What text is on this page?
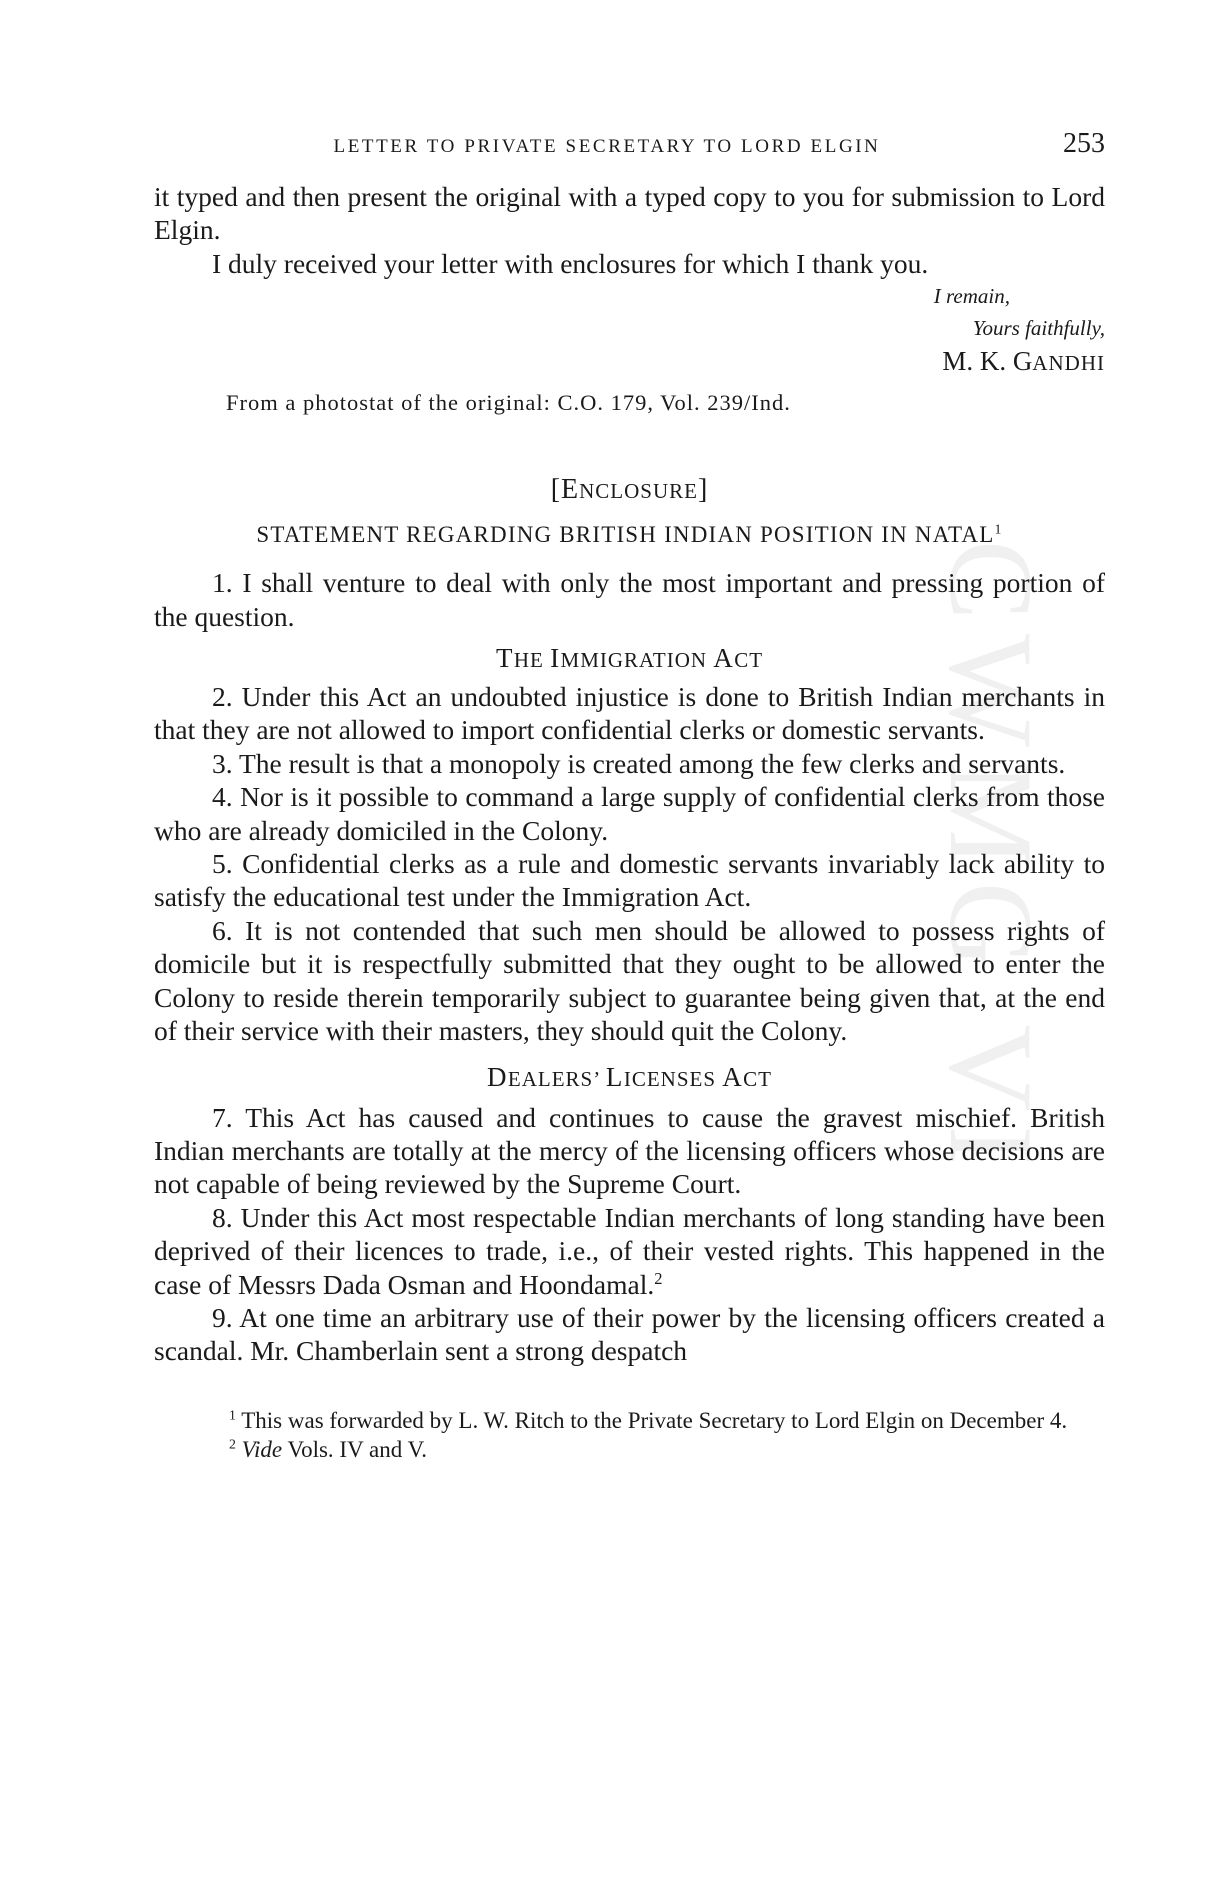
CWMG VI
LETTER TO PRIVATE SECRETARY TO LORD ELGIN	253

it typed and then present the original with a typed copy to you for submission to Lord Elgin.

I duly received your letter with enclosures for which I thank you.

I remain,
Yours faithfully,
M. K. GANDHI
From a photostat of the original: C.O. 179, Vol. 239/Ind.
[ENCLOSURE]
STATEMENT REGARDING BRITISH INDIAN POSITION IN NATAL$^1$

1. I shall venture to deal with only the most important and pressing portion of the question.

THE IMMIGRATION ACT

2. Under this Act an undoubted injustice is done to British Indian merchants in that they are not allowed to import confidential clerks or domestic servants.

3. The result is that a monopoly is created among the few clerks and servants.

4. Nor is it possible to command a large supply of confidential clerks from those who are already domiciled in the Colony.

5. Confidential clerks as a rule and domestic servants invariably lack ability to satisfy the educational test under the Immigration Act.

6. It is not contended that such men should be allowed to possess rights of domicile but it is respectfully submitted that they ought to be allowed to enter the Colony to reside therein temporarily subject to guarantee being given that, at the end of their service with their masters, they should quit the Colony.

DEALERS’ LICENSES ACT

7. This Act has caused and continues to cause the gravest mischief. British Indian merchants are totally at the mercy of the licensing officers whose decisions are not capable of being reviewed by the Supreme Court.

8. Under this Act most respectable Indian merchants of long standing have been deprived of their licences to trade, i.e., of their vested rights. This happened in the case of Messrs Dada Osman and Hoondamal.$^2$

9. At one time an arbitrary use of their power by the licensing officers created a scandal. Mr. Chamberlain sent a strong despatch

$^1$ This was forwarded by L. W. Ritch to the Private Secretary to Lord Elgin on December 4.

$^2$ Vide Vols. IV and V.
